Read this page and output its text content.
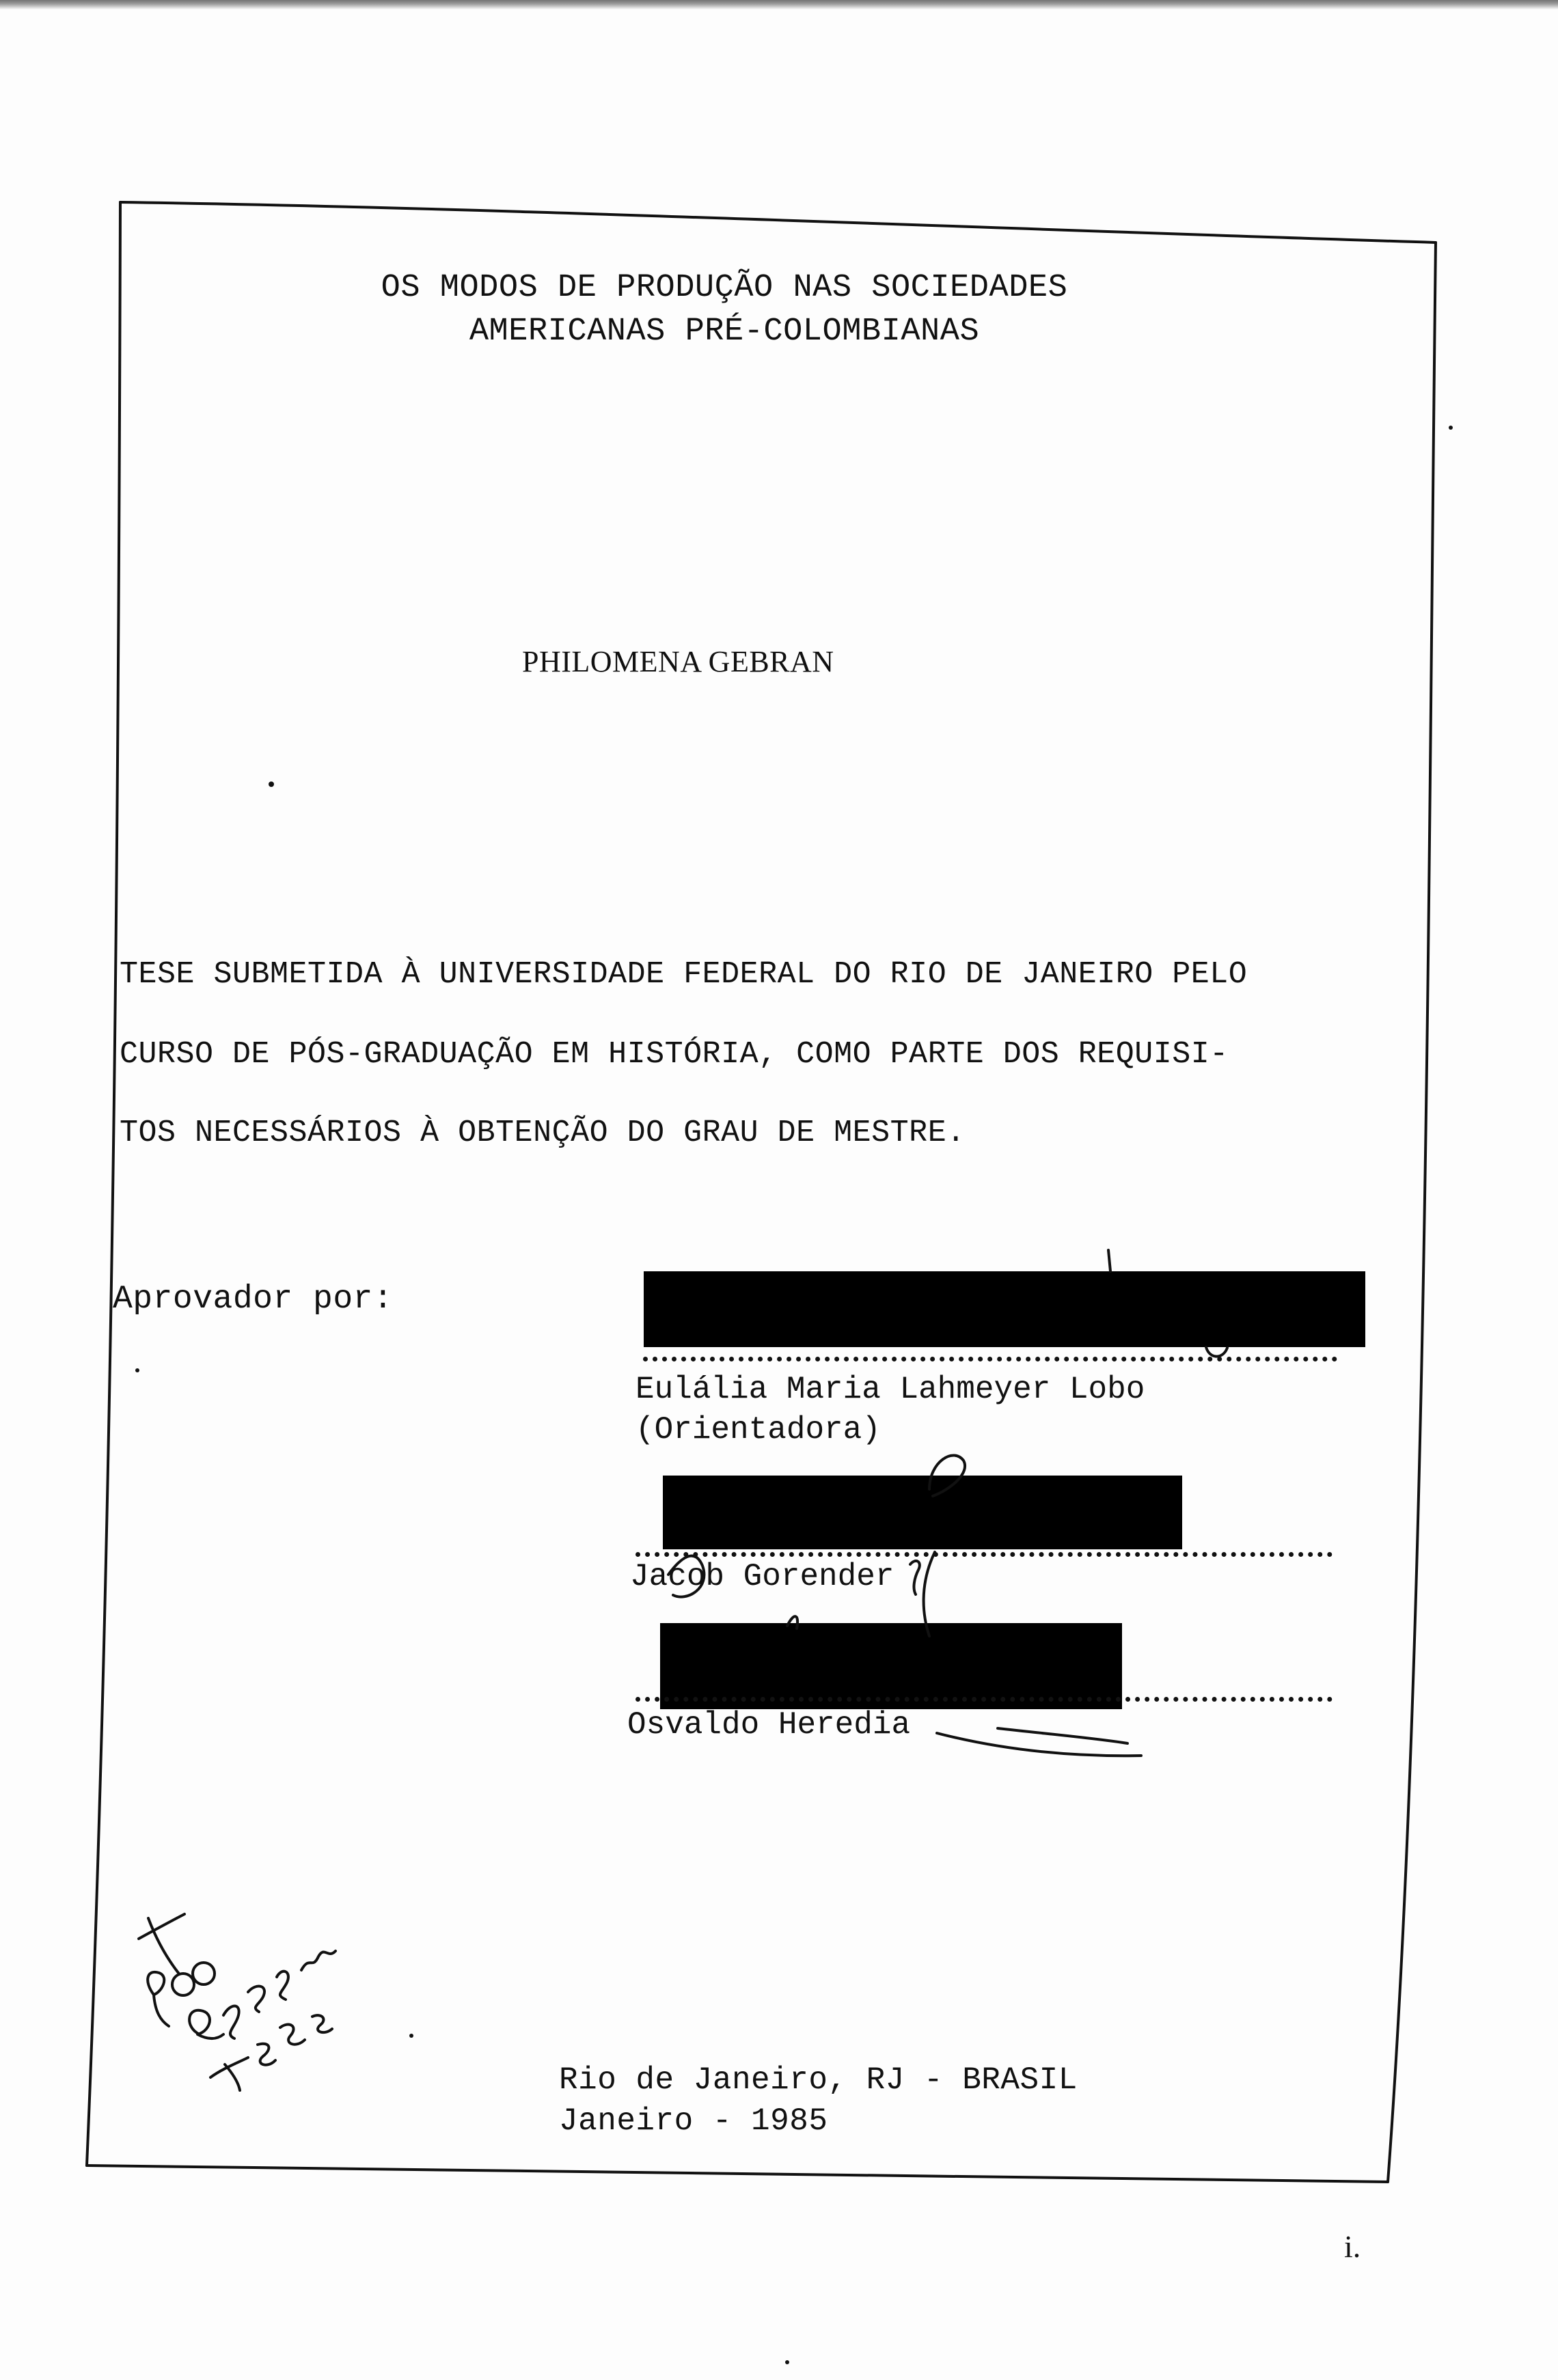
OS MODOS DE PRODUÇÃO NAS SOCIEDADES
AMERICANAS PRÉ-COLOMBIANAS
PHILOMENA GEBRAN
TESE SUBMETIDA À UNIVERSIDADE FEDERAL DO RIO DE JANEIRO PELO
CURSO DE PÓS-GRADUAÇÃO EM HISTÓRIA, COMO PARTE DOS REQUISI-
TOS NECESSÁRIOS À OBTENÇÃO DO GRAU DE MESTRE.
Aprovador por:
Eulália Maria Lahmeyer Lobo
(Orientadora)
Jacob Gorender
Osvaldo Heredia
Rio de Janeiro, RJ - BRASIL
Janeiro - 1985
i.
